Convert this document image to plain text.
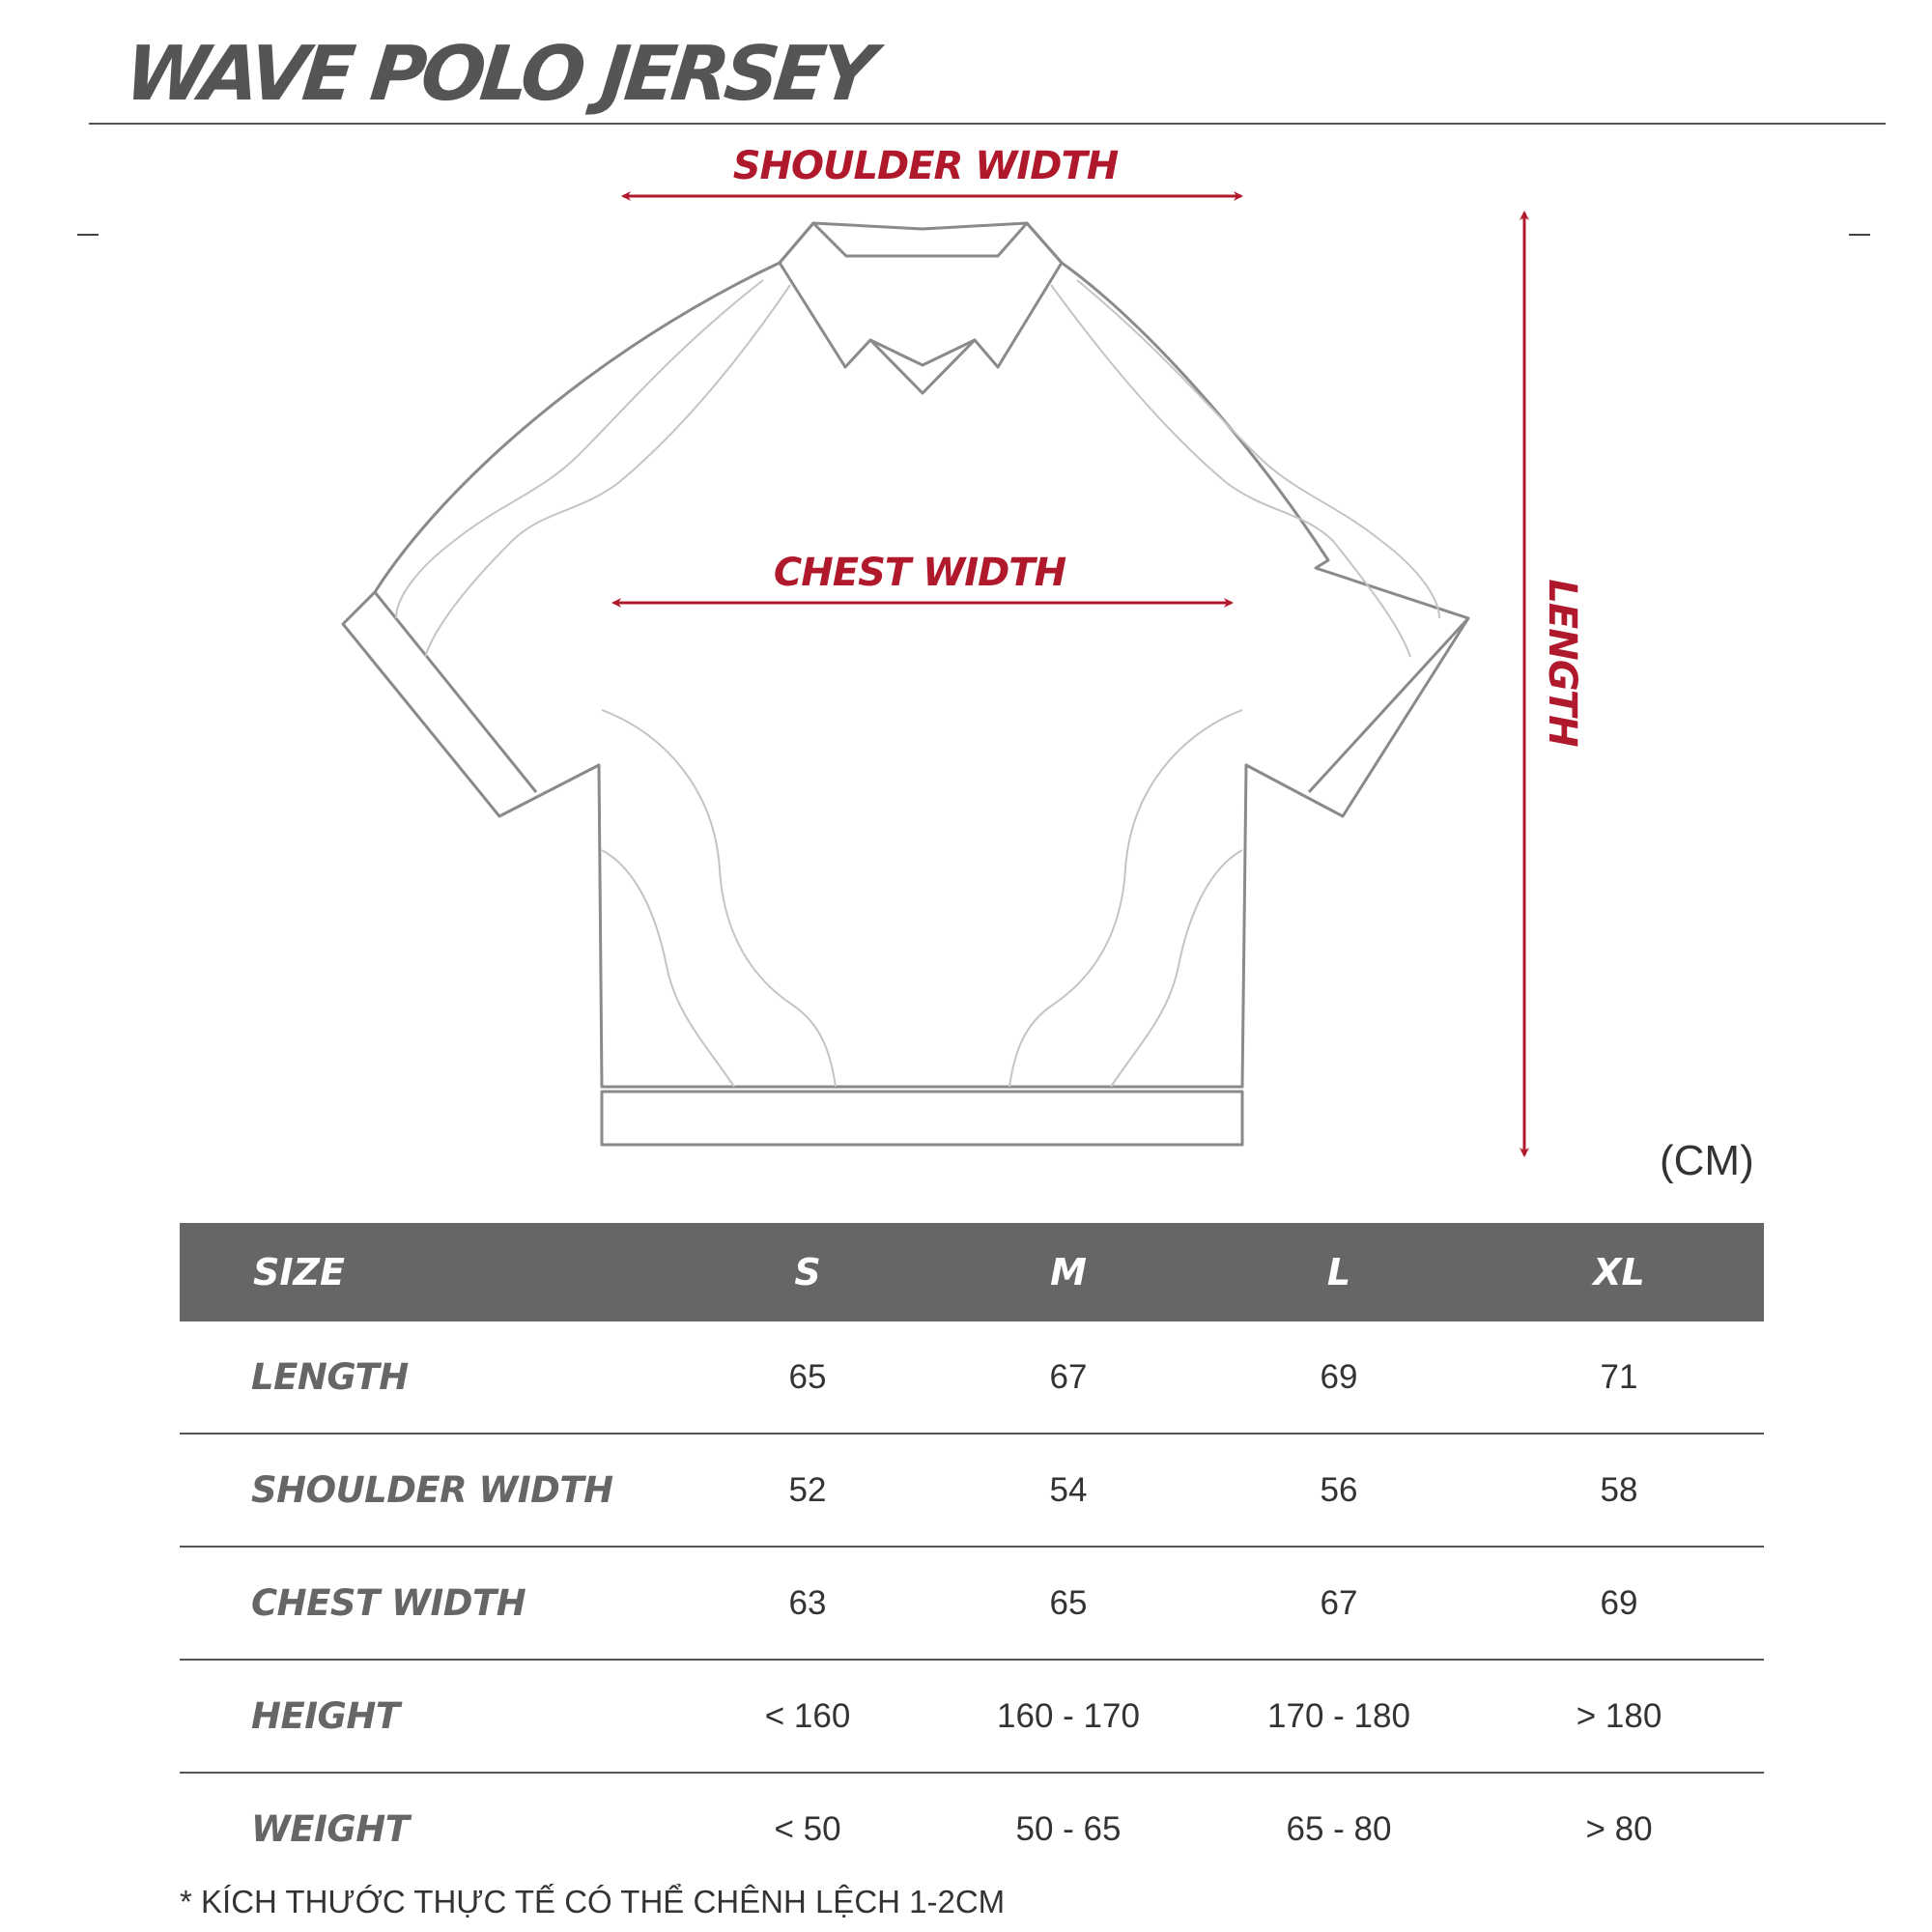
WAVE POLO JERSEY
SHOULDER WIDTH
CHEST WIDTH
LENGTH
(CM)
SIZE	S	M	L	XL
LENGTH	65	67	69	71
SHOULDER WIDTH	52	54	56	58
CHEST WIDTH	63	65	67	69
HEIGHT	< 160	160 - 170	170 - 180	> 180
WEIGHT	< 50	50 - 65	65 - 80	> 80
* KÍCH THƯỚC THỰC TẾ CÓ THỂ CHÊNH LỆCH 1-2CM
